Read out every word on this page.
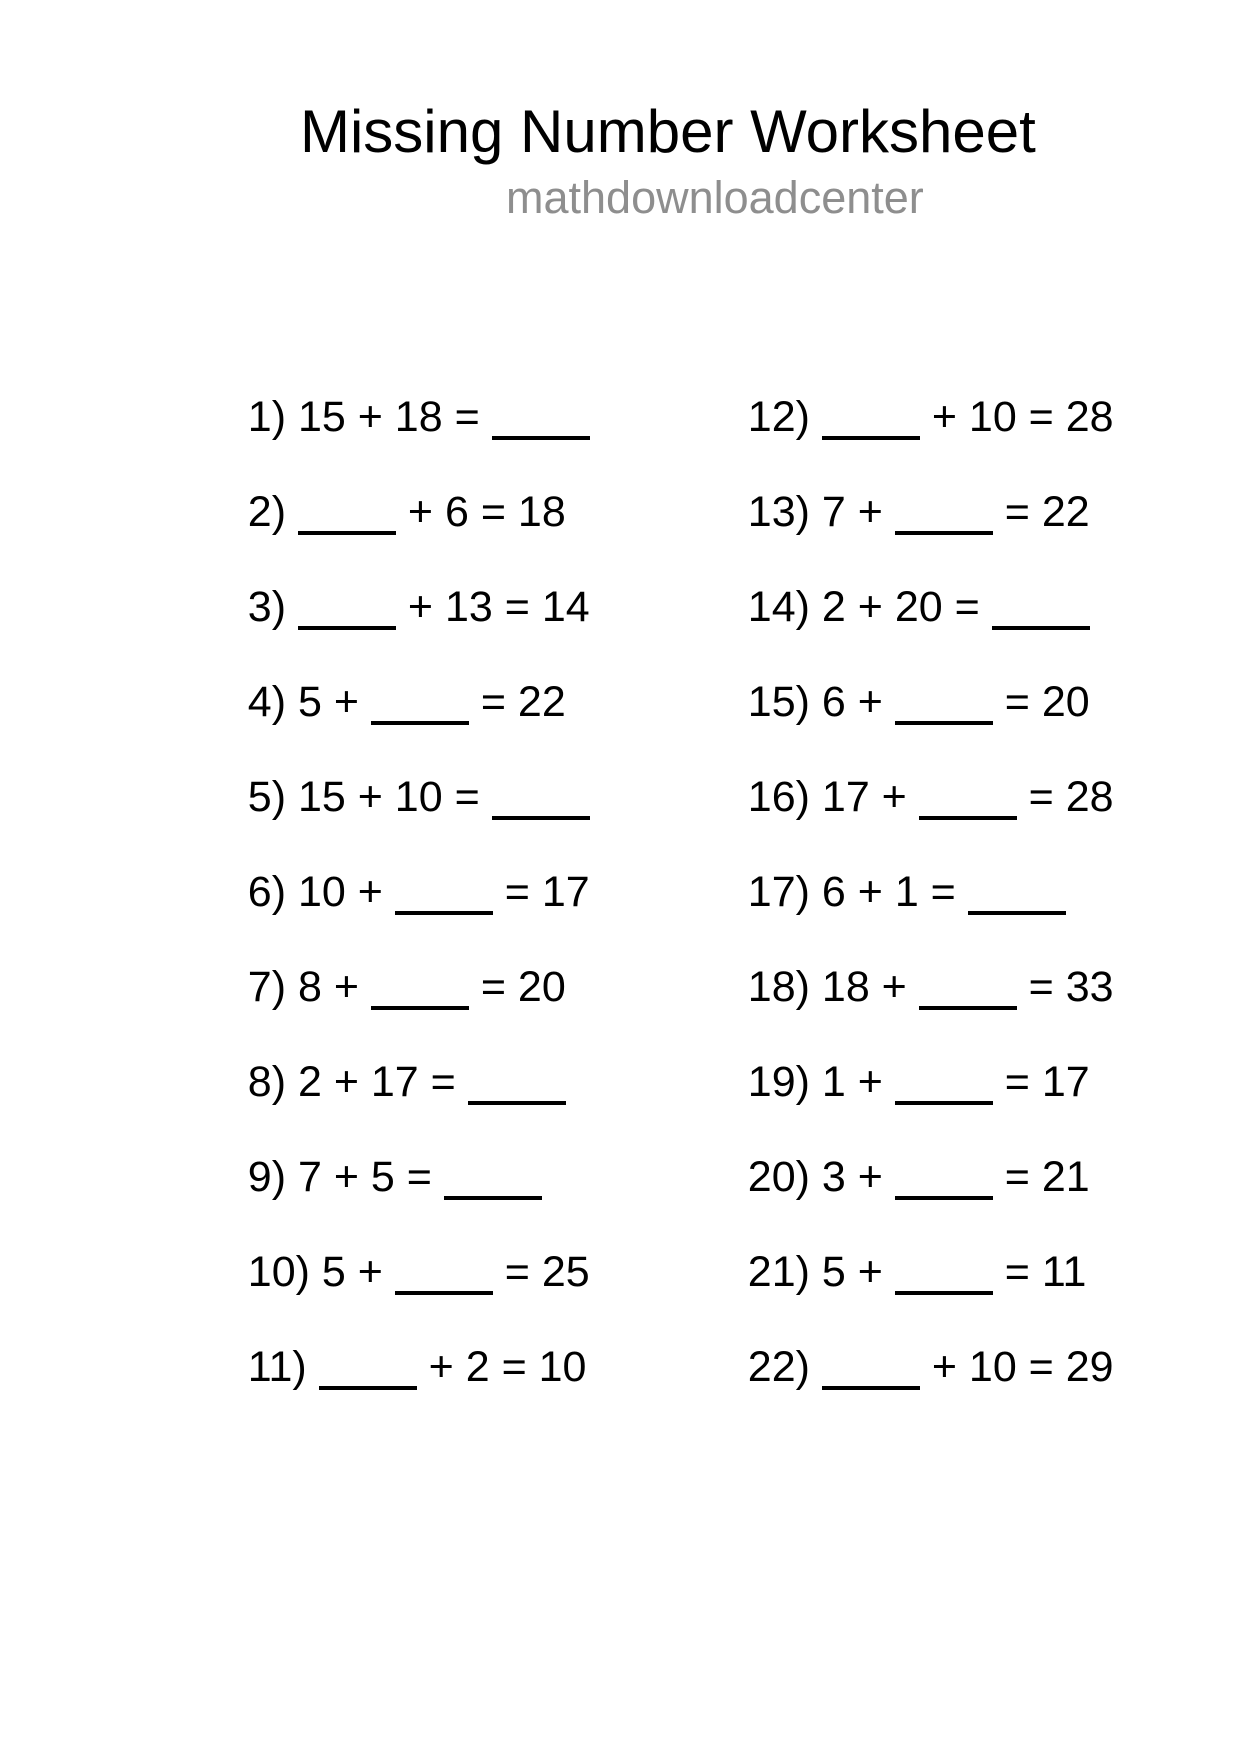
Missing Number Worksheet
mathdownloadcenter

1) 15 + 18 =

2)	+ 6 = 18

3)	+ 13 = 14

4) 5 +  = 22

5) 15 + 10 =

6) 10 +  = 17

7) 8 +  = 20

8) 2 + 17 =

9) 7 + 5 =

10) 5 +  = 25

11)	+ 2 = 10

12)	+ 10 = 28

13) 7 +  = 22

14) 2 + 20 =

15) 6 +  = 20

16) 17 +  = 28

17) 6 + 1 =

18) 18 +  = 33

19) 1 +  = 17

20) 3 +  = 21

21) 5 +  = 11

22)	+ 10 = 29
